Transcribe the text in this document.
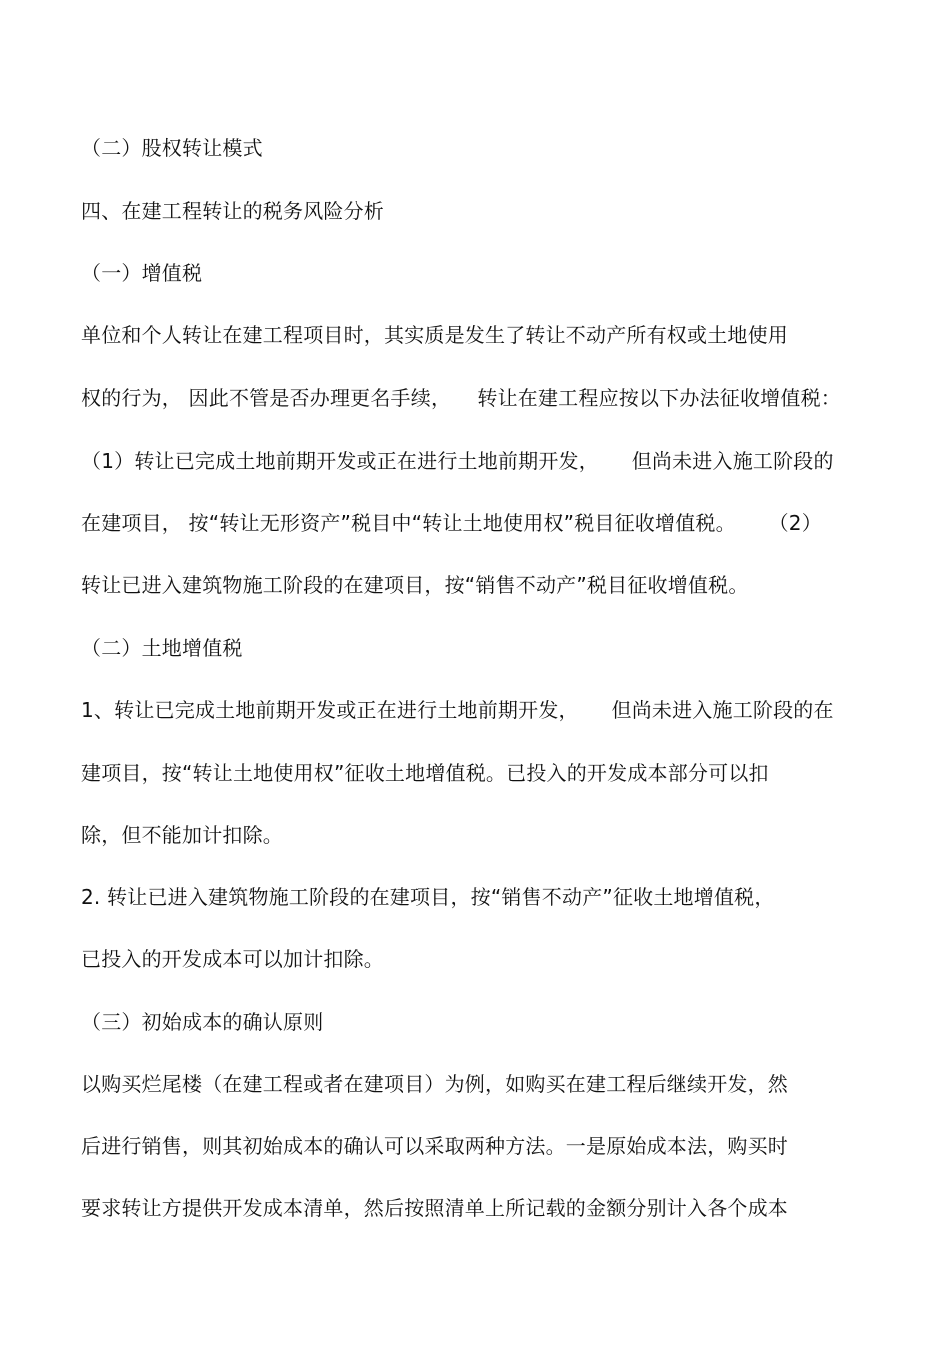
（二）股权转让模式
四、在建工程转让的税务风险分析
（一）增值税
单位和个人转让在建工程项目时，其实质是发生了转让不动产所有权或土地使用
权的行为， 因此不管是否办理更名手续，    转让在建工程应按以下办法征收增值税：
（1）转让已完成土地前期开发或正在进行土地前期开发，     但尚未进入施工阶段的
在建项目， 按“转让无形资产”税目中“转让土地使用权”税目征收增值税。     （2）
转让已进入建筑物施工阶段的在建项目，按“销售不动产”税目征收增值税。
（二）土地增值税
1、转让已完成土地前期开发或正在进行土地前期开发，     但尚未进入施工阶段的在
建项目，按“转让土地使用权”征收土地增值税。已投入的开发成本部分可以扣
除，但不能加计扣除。
2. 转让已进入建筑物施工阶段的在建项目，按“销售不动产”征收土地增值税，
已投入的开发成本可以加计扣除。
（三）初始成本的确认原则
以购买烂尾楼（在建工程或者在建项目）为例，如购买在建工程后继续开发，然
后进行销售，则其初始成本的确认可以采取两种方法。一是原始成本法，购买时
要求转让方提供开发成本清单，然后按照清单上所记载的金额分别计入各个成本
